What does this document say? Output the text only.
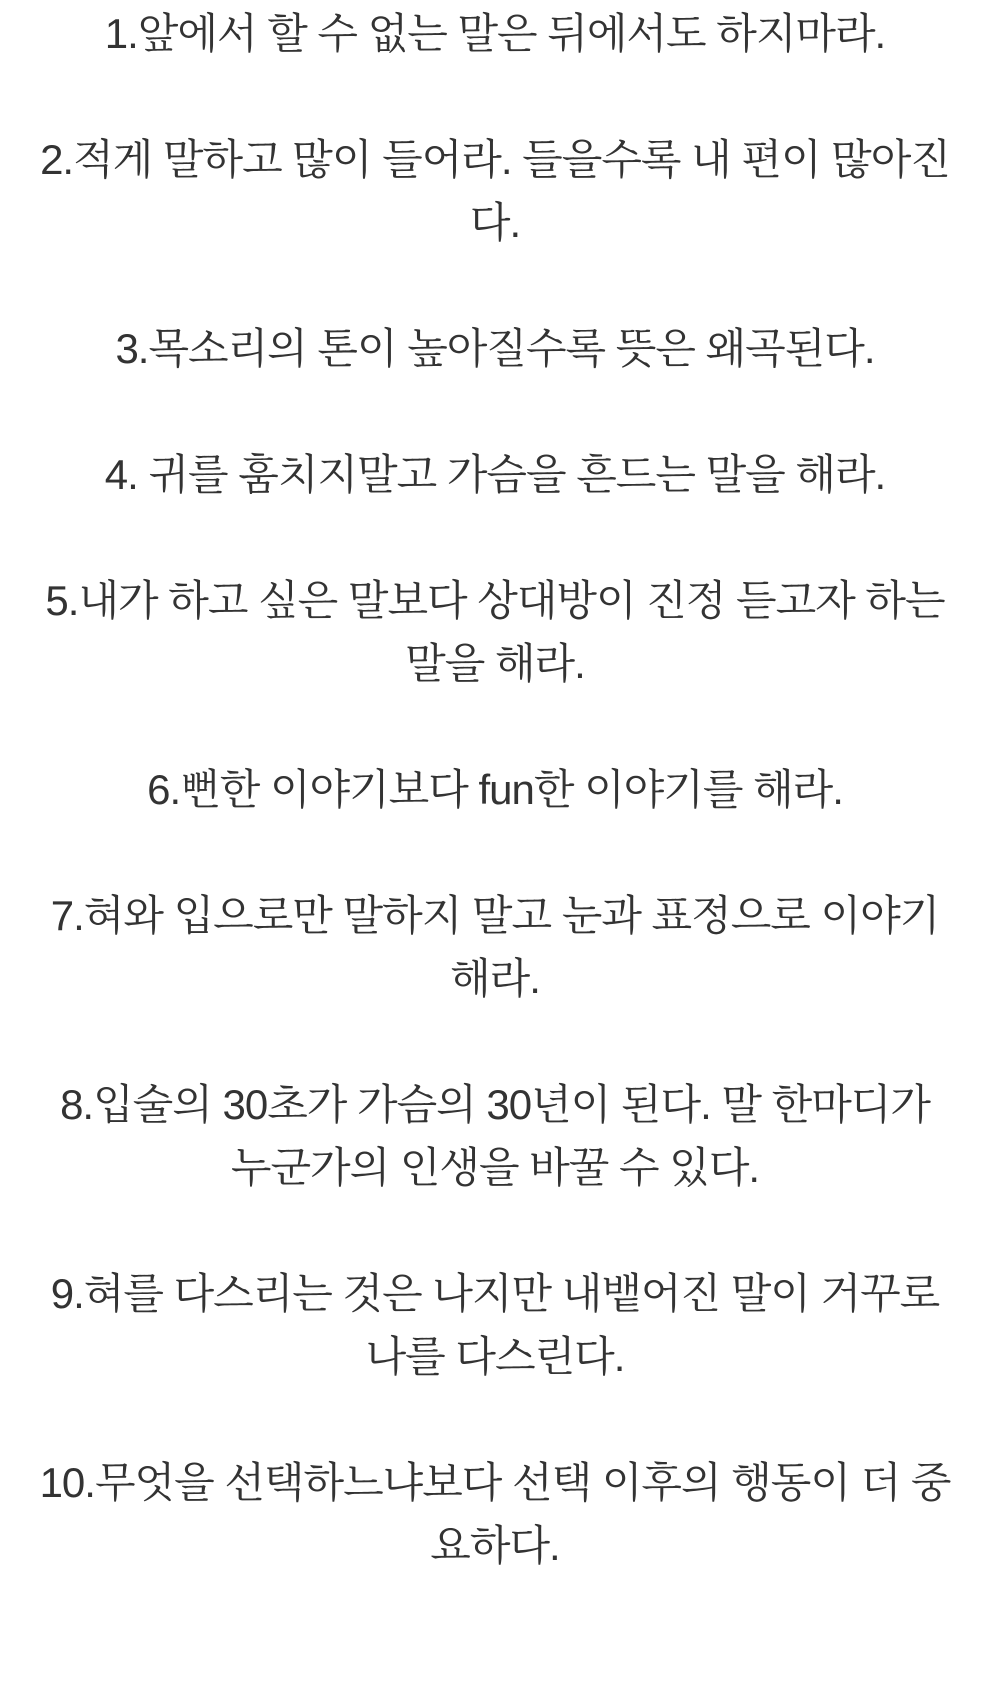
1.앞에서 할 수 없는 말은 뒤에서도 하지마라.

2.적게 말하고 많이 들어라. 들을수록 내 편이 많아진
다.

3.목소리의 톤이 높아질수록 뜻은 왜곡된다.

4. 귀를 훔치지말고 가슴을 흔드는 말을 해라.

5.내가 하고 싶은 말보다 상대방이 진정 듣고자 하는
말을 해라.

6.뻔한 이야기보다 fun한 이야기를 해라.

7.혀와 입으로만 말하지 말고 눈과 표정으로 이야기
해라.

8.입술의 30초가 가슴의 30년이 된다. 말 한마디가
누군가의 인생을 바꿀 수 있다.

9.혀를 다스리는 것은 나지만 내뱉어진 말이 거꾸로
나를 다스린다.

10.무엇을 선택하느냐보다 선택 이후의 행동이 더 중
요하다.
